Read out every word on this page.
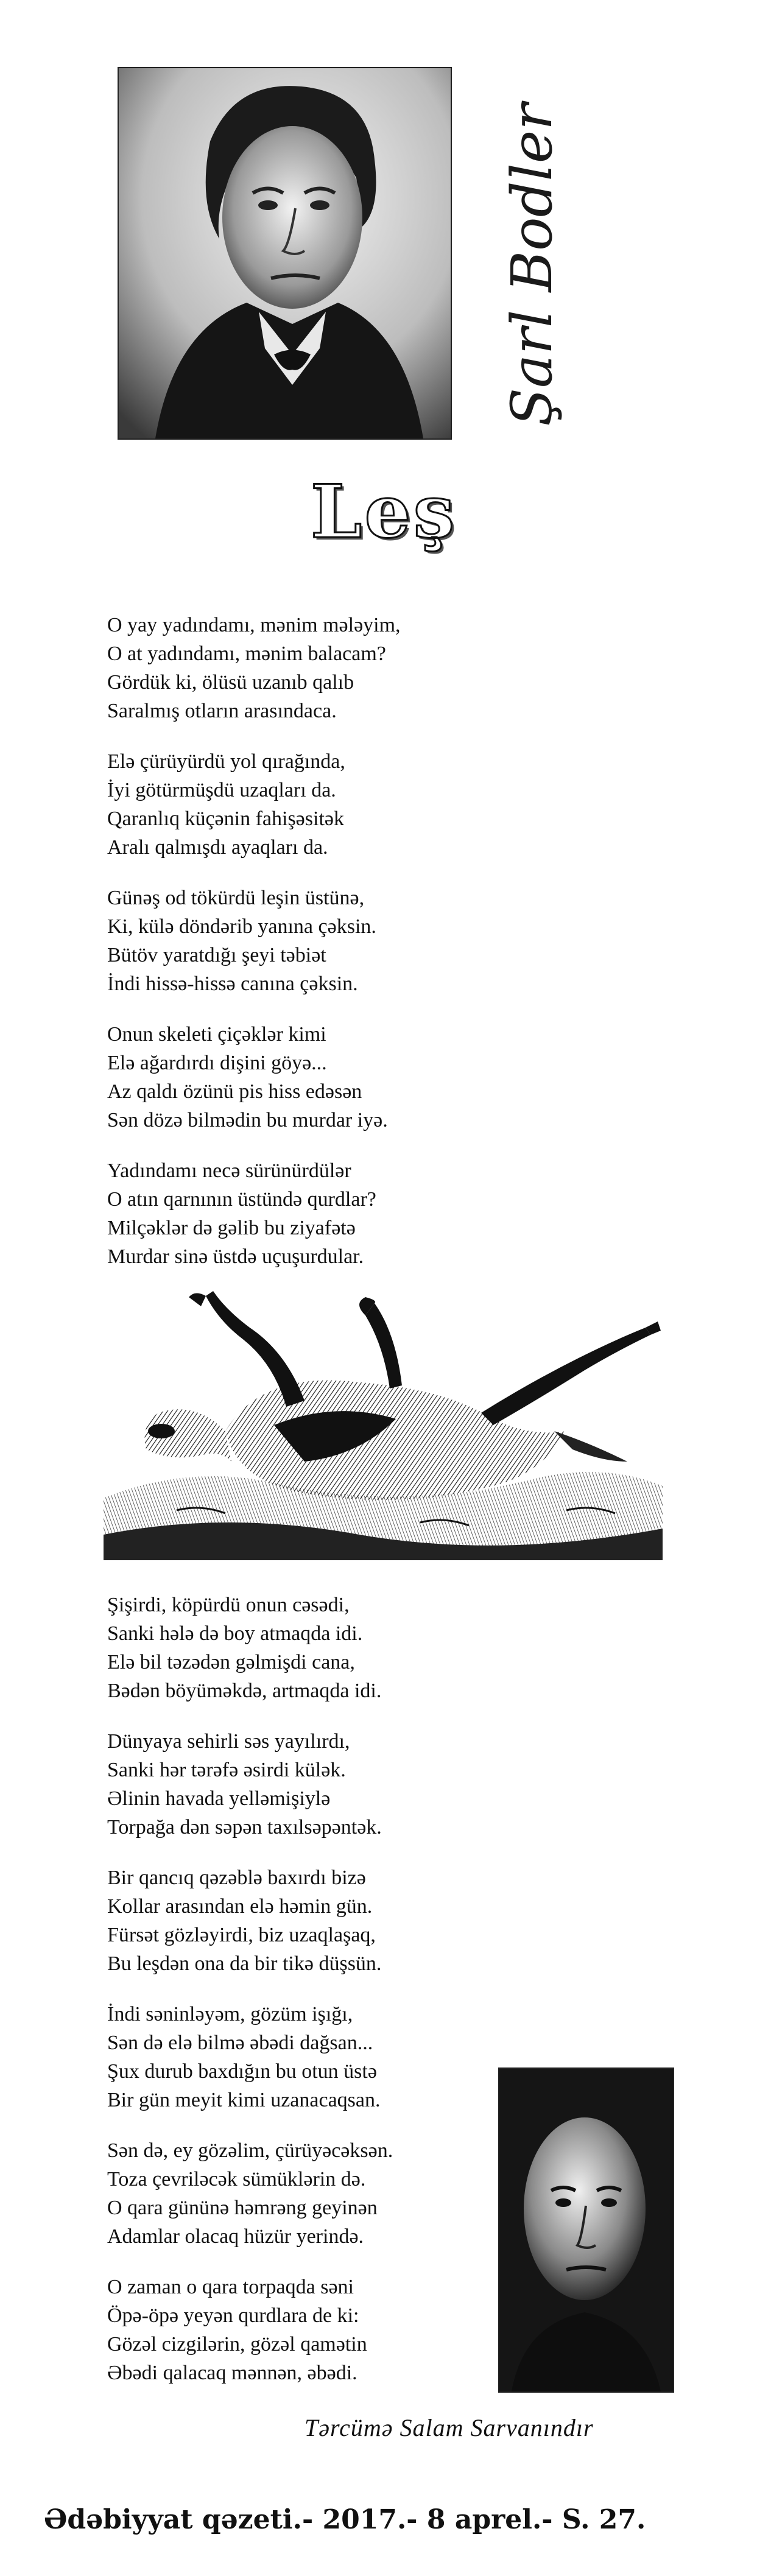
Şarl Bodler
Leş
O yay yadındamı, mənim mələyim,
O at yadındamı, mənim balacam?
Gördük ki, ölüsü uzanıb qalıb
Saralmış otların arasındaca.
Elə çürüyürdü yol qırağında,
İyi götürmüşdü uzaqları da.
Qaranlıq küçənin fahişəsitək
Aralı qalmışdı ayaqları da.
Günəş od tökürdü leşin üstünə,
Ki, külə döndərib yanına çəksin.
Bütöv yaratdığı şeyi təbiət
İndi hissə-hissə canına çəksin.
Onun skeleti çiçəklər kimi
Elə ağardırdı dişini göyə...
Az qaldı özünü pis hiss edəsən
Sən dözə bilmədin bu murdar iyə.
Yadındamı necə sürünürdülər
O atın qarnının üstündə qurdlar?
Milçəklər də gəlib bu ziyafətə
Murdar sinə üstdə uçuşurdular.
Şişirdi, köpürdü onun cəsədi,
Sanki hələ də boy atmaqda idi.
Elə bil təzədən gəlmişdi cana,
Bədən böyüməkdə, artmaqda idi.
Dünyaya sehirli səs yayılırdı,
Sanki hər tərəfə əsirdi külək.
Əlinin havada yelləmişiylə
Torpağa dən səpən taxılsəpəntək.
Bir qancıq qəzəblə baxırdı bizə
Kollar arasından elə həmin gün.
Fürsət gözləyirdi, biz uzaqlaşaq,
Bu leşdən ona da bir tikə düşsün.
İndi səninləyəm, gözüm işığı,
Sən də elə bilmə əbədi dağsan...
Şux durub baxdığın bu otun üstə
Bir gün meyit kimi uzanacaqsan.
Sən də, ey gözəlim, çürüyəcəksən.
Toza çevriləcək sümüklərin də.
O qara gününə həmrəng geyinən
Adamlar olacaq hüzür yerində.
O zaman o qara torpaqda səni
Öpə-öpə yeyən qurdlara de ki:
Gözəl cizgilərin, gözəl qamətin
Əbədi qalacaq mənnən, əbədi.
Tərcümə Salam Sarvanındır
Ədəbiyyat qəzeti.- 2017.- 8 aprel.- S. 27.
